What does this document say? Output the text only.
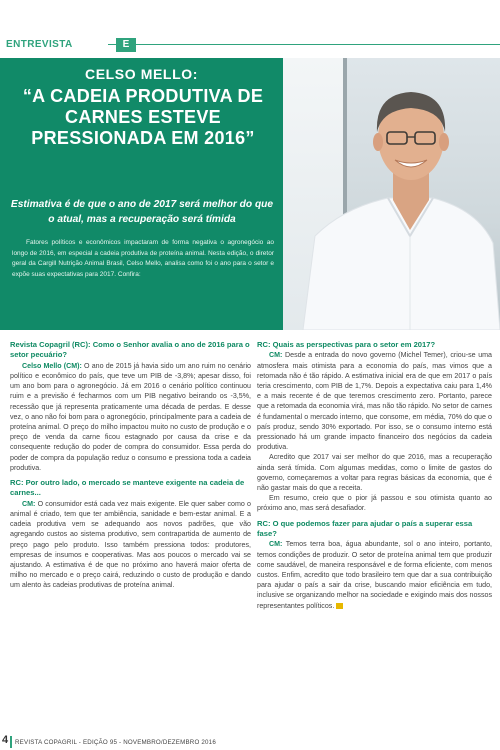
ENTREVISTA	E
CELSO MELLO:
“A CADEIA PRODUTIVA DE CARNES ESTEVE PRESSIONADA EM 2016”
Estimativa é de que o ano de 2017 será melhor do que o atual, mas a recuperação será tímida
Fatores políticos e econômicos impactaram de forma negativa o agronegócio ao longo de 2016, em especial a cadeia produtiva de proteína animal. Nesta edição, o diretor geral da Cargill Nutrição Animal Brasil, Celso Mello, analisa como foi o ano para o setor e expõe suas expectativas para 2017. Confira:
Revista Copagril (RC): Como o Senhor avalia o ano de 2016 para o setor pecuário?
Celso Mello (CM): O ano de 2015 já havia sido um ano ruim no cenário político e econômico do país, que teve um PIB de -3,8%; apesar disso, foi um ano bom para o agronegócio. Já em 2016 o cenário político continuou ruim e a previsão é fecharmos com um PIB negativo beirando os -3,5%, recessão que já representa praticamente uma década de perdas. E desse vez, o ano não foi bom para o agronegócio, principalmente para a cadeia de proteína animal. O preço do milho impactou muito no custo de produção e o preço de venda da carne ficou estagnado por causa da crise e da consequente redução do poder de compra do consumidor. Essa perda do poder de compra da população reduz o consumo e pressiona toda a cadeia produtiva.
RC: Por outro lado, o mercado se manteve exigente na cadeia de carnes...
CM: O consumidor está cada vez mais exigente. Ele quer saber como o animal é criado, tem que ter ambiência, sanidade e bem-estar animal. E a cadeia produtiva vem se adequando aos novos padrões, que vão agregando custos ao sistema produtivo, sem contrapartida de aumento de preço pago pelo produto. Isso também pressiona todos: produtores, empresas de insumos e cooperativas. Mas aos poucos o mercado vai se ajustando. A estimativa é de que no próximo ano haverá maior oferta de milho no mercado e o preço cairá, reduzindo o custo de produção e dando um alento às cadeias produtivas de proteína animal.
RC: Quais as perspectivas para o setor em 2017?
CM: Desde a entrada do novo governo (Michel Temer), criou-se uma atmosfera mais otimista para a economia do país, mas vimos que a retomada não é tão rápido. A estimativa inicial era de que em 2017 o país teria crescimento, com PIB de 1,7%. Depois a expectativa caiu para 1,4% e a mais recente é de que teremos crescimento zero. Portanto, parece que a retomada da economia virá, mas não tão rápido. No setor de carnes é fundamental o mercado interno, que consome, em média, 70% do que o país produz, sendo 30% exportado. Por isso, se o consumo interno está pressionado há um grande impacto financeiro dos negócios da cadeia produtiva.
Acredito que 2017 vai ser melhor do que 2016, mas a recuperação ainda será tímida. Com algumas medidas, como o limite de gastos do governo, começaremos a voltar para regras básicas da economia, que é não gastar mais do que a receita.
Em resumo, creio que o pior já passou e sou otimista quanto ao próximo ano, mas será desafiador.
RC: O que podemos fazer para ajudar o país a superar essa fase?
CM: Temos terra boa, água abundante, sol o ano inteiro, portanto, temos condições de produzir. O setor de proteína animal tem que produzir come saudável, de maneira responsável e de forma eficiente, com menos custos. Enfim, acredito que todo brasileiro tem que dar a sua contribuição para ajudar o país a sair da crise, buscando maior eficiência em tudo, inclusive se organizando melhor na sociedade e exigindo mais dos nossos representantes políticos.
4 REVISTA COPAGRIL - EDIÇÃO 95 - NOVEMBRO/DEZEMBRO 2016
